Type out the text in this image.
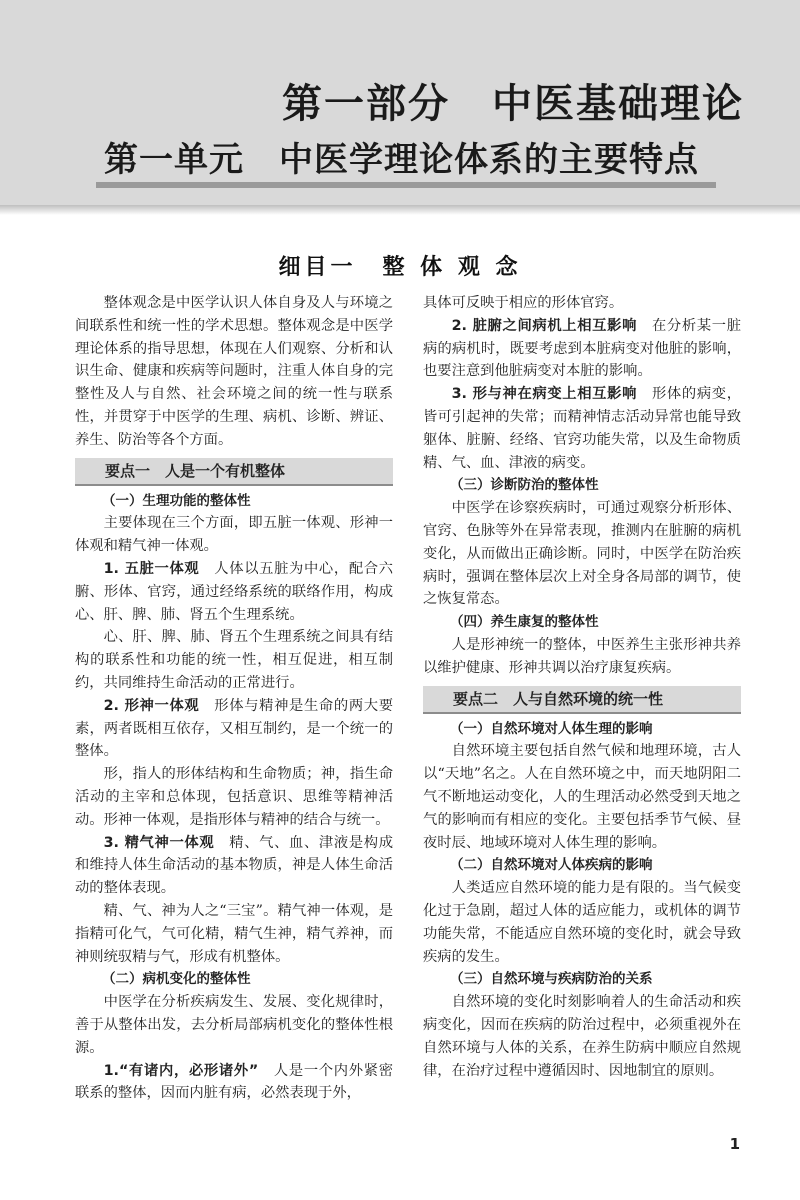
第一部分　中医基础理论
第一单元　中医学理论体系的主要特点
细目一　整 体 观 念

整体观念是中医学认识人体自身及人与环境之间联系性和统一性的学术思想。整体观念是中医学理论体系的指导思想，体现在人们观察、分析和认识生命、健康和疾病等问题时，注重人体自身的完整性及人与自然、社会环境之间的统一性与联系性，并贯穿于中医学的生理、病机、诊断、辨证、养生、防治等各个方面。

要点一　人是一个有机整体
（一）生理功能的整体性

主要体现在三个方面，即五脏一体观、形神一体观和精气神一体观。

1. 五脏一体观　 人体以五脏为中心，配合六腑、形体、官窍，通过经络系统的联络作用，构成心、肝、脾、肺、肾五个生理系统。

心、肝、脾、肺、肾五个生理系统之间具有结构的联系性和功能的统一性，相互促进，相互制约，共同维持生命活动的正常进行。

2. 形神一体观　 形体与精神是生命的两大要素，两者既相互依存，又相互制约，是一个统一的整体。

形，指人的形体结构和生命物质；神，指生命活动的主宰和总体现，包括意识、思维等精神活动。形神一体观，是指形体与精神的结合与统一。

3. 精气神一体观　 精、气、血、津液是构成和维持人体生命活动的基本物质，神是人体生命活动的整体表现。

精、气、神为人之“三宝”。精气神一体观，是指精可化气，气可化精，精气生神，精气养神，而神则统驭精与气，形成有机整体。

（二）病机变化的整体性

中医学在分析疾病发生、发展、变化规律时，善于从整体出发，去分析局部病机变化的整体性根源。

1.“有诸内，必形诸外”　 人是一个内外紧密联系的整体，因而内脏有病，必然表现于外，

具体可反映于相应的形体官窍。

2. 脏腑之间病机上相互影响　 在分析某一脏病的病机时，既要考虑到本脏病变对他脏的影响，也要注意到他脏病变对本脏的影响。

3. 形与神在病变上相互影响　 形体的病变，皆可引起神的失常；而精神情志活动异常也能导致躯体、脏腑、经络、官窍功能失常，以及生命物质精、气、血、津液的病变。

（三）诊断防治的整体性

中医学在诊察疾病时，可通过观察分析形体、官窍、色脉等外在异常表现，推测内在脏腑的病机变化，从而做出正确诊断。同时，中医学在防治疾病时，强调在整体层次上对全身各局部的调节，使之恢复常态。

（四）养生康复的整体性

人是形神统一的整体，中医养生主张形神共养以维护健康、形神共调以治疗康复疾病。

要点二　人与自然环境的统一性
（一）自然环境对人体生理的影响

自然环境主要包括自然气候和地理环境，古人以“天地”名之。人在自然环境之中，而天地阴阳二气不断地运动变化，人的生理活动必然受到天地之气的影响而有相应的变化。主要包括季节气候、昼夜时辰、地域环境对人体生理的影响。

（二）自然环境对人体疾病的影响

人类适应自然环境的能力是有限的。当气候变化过于急剧，超过人体的适应能力，或机体的调节功能失常，不能适应自然环境的变化时，就会导致疾病的发生。

（三）自然环境与疾病防治的关系

自然环境的变化时刻影响着人的生命活动和疾病变化，因而在疾病的防治过程中，必须重视外在自然环境与人体的关系，在养生防病中顺应自然规律，在治疗过程中遵循因时、因地制宜的原则。

1
